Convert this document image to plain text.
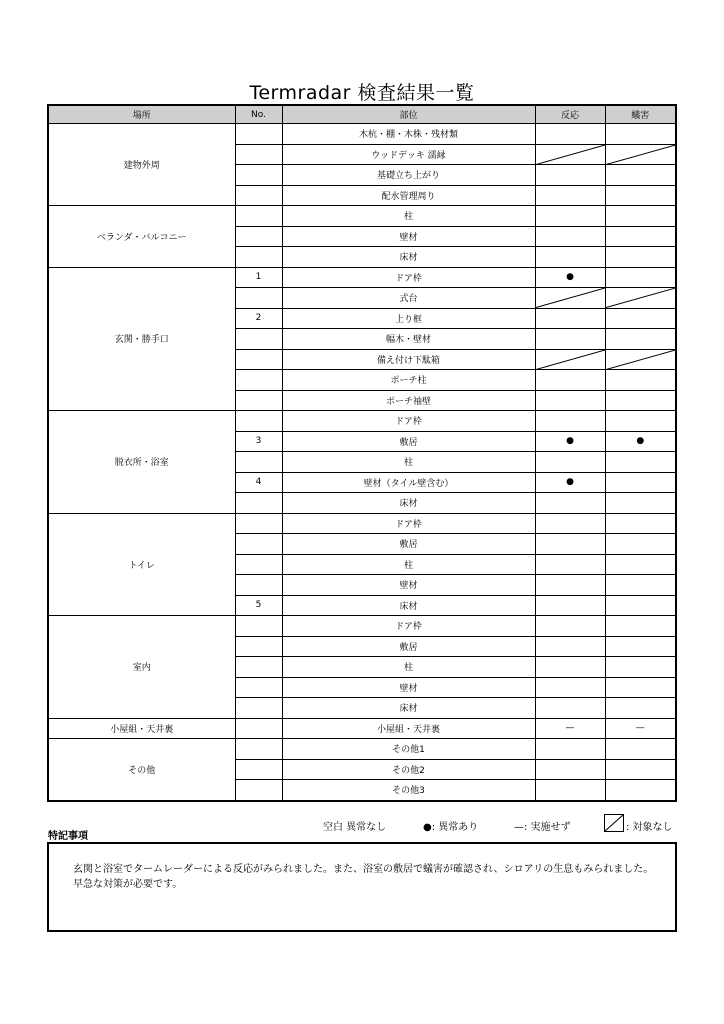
Termradar 検査結果一覧
場所	No.	部位	反応	蟻害
建物外周		木杭・棚・木株・残材類		
		ウッドデッキ 濡縁	

		基礎立ち上がり		
		配水管理周り		
ベランダ・バルコニー		柱		
		壁材		
		床材		
玄関・勝手口	1	ドア枠	●	
		式台	

	2	上り框		
		幅木・壁材		
		備え付け下駄箱	

		ポーチ柱		
		ポーチ袖壁		
脱衣所・浴室		ドア枠		
	3	敷居	●	●
		柱		
	4	壁材（タイル壁含む）	●	
		床材		
トイレ		ドア枠		
		敷居		
		柱		
		壁材		
	5	床材		
室内		ドア枠		
		敷居		
		柱		
		壁材		
		床材		
小屋組・天井裏		小屋組・天井裏	—	—
その他		その他1		
		その他2		
		その他3		
空白 異常なし	●: 異常あり	—: 実施せず	: 対象なし
特記事項
玄関と浴室でタームレーダーによる反応がみられました。また、浴室の敷居で蟻害が確認され、シロアリの生息もみられました。早急な対策が必要です。
